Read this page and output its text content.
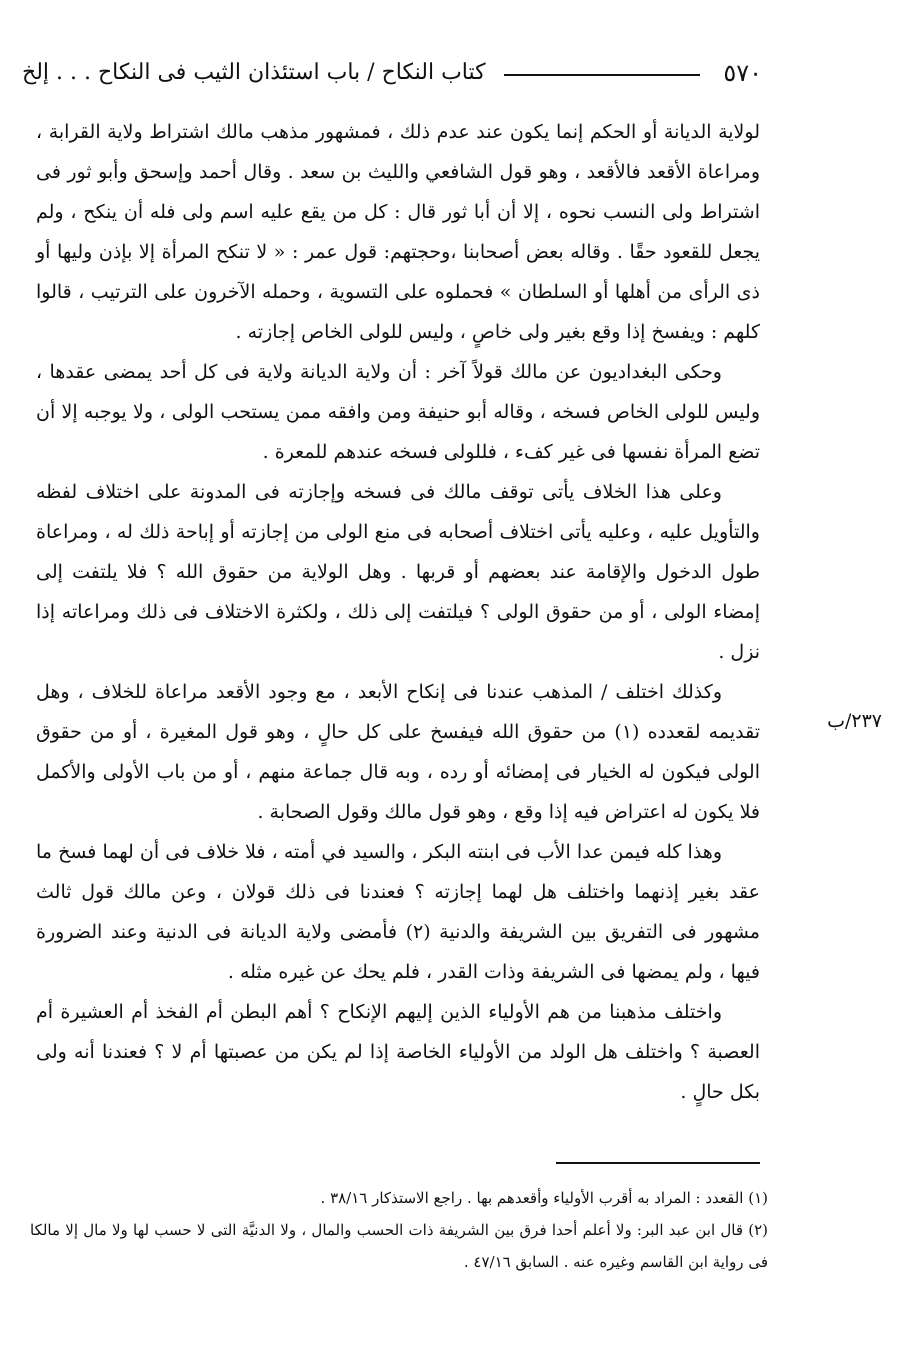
٥٧٠
كتاب النكاح / باب استئذان الثيب فى النكاح . . . إلخ
٢٣٧/ب

لولاية الديانة أو الحكم إنما يكون عند عدم ذلك ، فمشهور مذهب مالك اشتراط ولاية القرابة ، ومراعاة الأقعد فالأقعد ، وهو قول الشافعي والليث بن سعد . وقال أحمد وإسحق وأبو ثور فى اشتراط ولى النسب نحوه ، إلا أن أبا ثور قال : كل من يقع عليه اسم ولى فله أن ينكح ، ولم يجعل للقعود حقًا . وقاله بعض أصحابنا ،وحجتهم: قول عمر : « لا تنكح المرأة إلا بإذن وليها أو ذى الرأى من أهلها أو السلطان » فحملوه على التسوية ، وحمله الآخرون على الترتيب ، قالوا كلهم : ويفسخ إذا وقع بغير ولى خاصٍ ، وليس للولى الخاص إجازته .

وحكى البغداديون عن مالك قولاً آخر : أن ولاية الديانة ولاية فى كل أحد يمضى عقدها ، وليس للولى الخاص فسخه ، وقاله أبو حنيفة ومن وافقه ممن يستحب الولى ، ولا يوجبه إلا أن تضع المرأة نفسها فى غير كفء ، فللولى فسخه عندهم للمعرة .

وعلى هذا الخلاف يأتى توقف مالك فى فسخه وإجازته فى المدونة على اختلاف لفظه والتأويل عليه ، وعليه يأتى اختلاف أصحابه فى منع الولى من إجازته أو إباحة ذلك له ، ومراعاة طول الدخول والإقامة عند بعضهم أو قربها . وهل الولاية من حقوق الله ؟ فلا يلتفت إلى إمضاء الولى ، أو من حقوق الولى ؟ فيلتفت إلى ذلك ، ولكثرة الاختلاف فى ذلك ومراعاته إذا نزل .

وكذلك اختلف / المذهب عندنا فى إنكاح الأبعد ، مع وجود الأقعد مراعاة للخلاف ، وهل تقديمه لقعدده (١) من حقوق الله فيفسخ على كل حالٍ ، وهو قول المغيرة ، أو من حقوق الولى فيكون له الخيار فى إمضائه أو رده ، وبه قال جماعة منهم ، أو من باب الأولى والأكمل فلا يكون له اعتراض فيه إذا وقع ، وهو قول مالك وقول الصحابة .

وهذا كله فيمن عدا الأب فى ابنته البكر ، والسيد في أمته ، فلا خلاف فى أن لهما فسخ ما عقد بغير إذنهما واختلف هل لهما إجازته ؟ فعندنا فى ذلك قولان ، وعن مالك قول ثالث مشهور فى التفريق بين الشريفة والدنية (٢) فأمضى ولاية الديانة فى الدنية وعند الضرورة فيها ، ولم يمضها فى الشريفة وذات القدر ، فلم يحك عن غيره مثله .

واختلف مذهبنا من هم الأولياء الذين إليهم الإنكاح ؟ أهم البطن أم الفخذ أم العشيرة أم العصبة ؟ واختلف هل الولد من الأولياء الخاصة إذا لم يكن من عصبتها أم لا ؟ فعندنا أنه ولى بكل حالٍ .

(١) القعدد : المراد به أقرب الأولياء وأقعدهم بها . راجع الاستذكار ٣٨/١٦ .

(٢) قال ابن عبد البر: ولا أعلم أحدا فرق بين الشريفة ذات الحسب والمال ، ولا الدنيَّة التى لا حسب لها ولا مال إلا مالكا فى رواية ابن القاسم وغيره عنه . السابق ٤٧/١٦ .
